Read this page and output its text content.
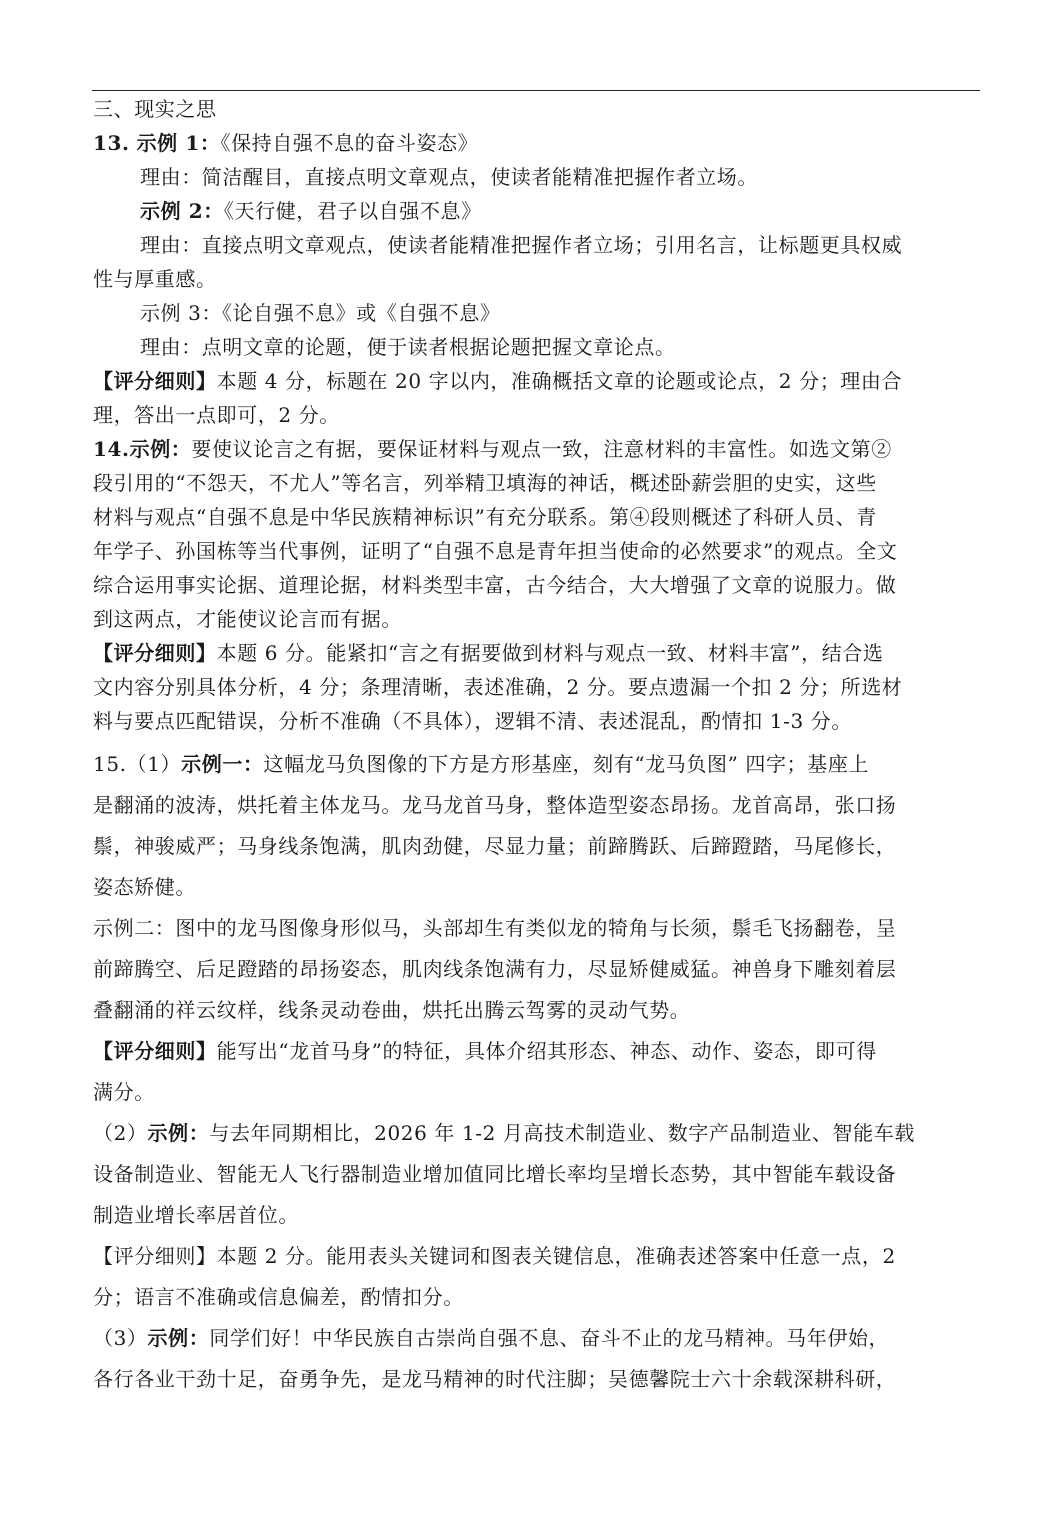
三、现实之思

13. 示例 1：《保持自强不息的奋斗姿态》

理由：简洁醒目，直接点明文章观点，使读者能精准把握作者立场。

示例 2：《天行健，君子以自强不息》

理由：直接点明文章观点，使读者能精准把握作者立场；引用名言，让标题更具权威

性与厚重感。

示例 3：《论自强不息》或《自强不息》

理由：点明文章的论题，便于读者根据论题把握文章论点。

【评分细则】本题 4 分，标题在 20 字以内，准确概括文章的论题或论点，2 分；理由合

理，答出一点即可，2 分。

14.示例：要使议论言之有据，要保证材料与观点一致，注意材料的丰富性。如选文第②

段引用的“不怨天，不尤人”等名言，列举精卫填海的神话，概述卧薪尝胆的史实，这些

材料与观点“自强不息是中华民族精神标识”有充分联系。第④段则概述了科研人员、青

年学子、孙国栋等当代事例，证明了“自强不息是青年担当使命的必然要求”的观点。全文

综合运用事实论据、道理论据，材料类型丰富，古今结合，大大增强了文章的说服力。做

到这两点，才能使议论言而有据。

【评分细则】本题 6 分。能紧扣“言之有据要做到材料与观点一致、材料丰富”，结合选

文内容分别具体分析，4 分；条理清晰，表述准确，2 分。要点遗漏一个扣 2 分；所选材

料与要点匹配错误，分析不准确（不具体），逻辑不清、表述混乱，酌情扣 1-3 分。

15.（1）示例一：这幅龙马负图像的下方是方形基座，刻有“龙马负图” 四字；基座上

是翻涌的波涛，烘托着主体龙马。龙马龙首马身，整体造型姿态昂扬。龙首高昂，张口扬

鬃，神骏威严；马身线条饱满，肌肉劲健，尽显力量；前蹄腾跃、后蹄蹬踏，马尾修长，

姿态矫健。

示例二：图中的龙马图像身形似马，头部却生有类似龙的犄角与长须，鬃毛飞扬翻卷，呈

前蹄腾空、后足蹬踏的昂扬姿态，肌肉线条饱满有力，尽显矫健威猛。神兽身下雕刻着层

叠翻涌的祥云纹样，线条灵动卷曲，烘托出腾云驾雾的灵动气势。

【评分细则】能写出“龙首马身”的特征，具体介绍其形态、神态、动作、姿态，即可得

满分。

（2）示例：与去年同期相比，2026 年 1-2 月高技术制造业、数字产品制造业、智能车载

设备制造业、智能无人飞行器制造业增加值同比增长率均呈增长态势，其中智能车载设备

制造业增长率居首位。

【评分细则】本题 2 分。能用表头关键词和图表关键信息，准确表述答案中任意一点，2

分；语言不准确或信息偏差，酌情扣分。

（3）示例：同学们好！中华民族自古崇尚自强不息、奋斗不止的龙马精神。马年伊始，

各行各业干劲十足，奋勇争先，是龙马精神的时代注脚；吴德馨院士六十余载深耕科研，
